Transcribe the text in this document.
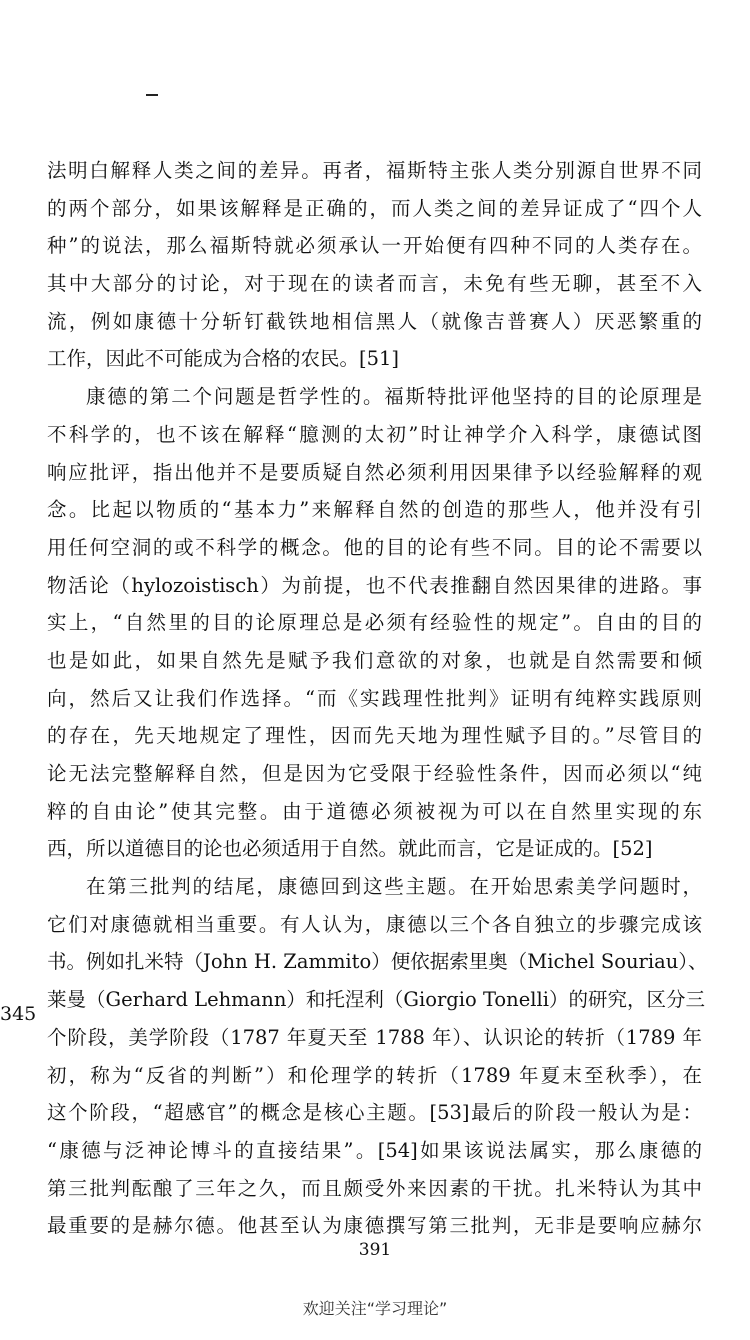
345
法明白解释人类之间的差异。再者，福斯特主张人类分别源自世界不同
的两个部分，如果该解释是正确的，而人类之间的差异证成了“四个人
种”的说法，那么福斯特就必须承认一开始便有四种不同的人类存在。
其中大部分的讨论，对于现在的读者而言，未免有些无聊，甚至不入
流，例如康德十分斩钉截铁地相信黑人（就像吉普赛人）厌恶繁重的
工作，因此不可能成为合格的农民。[51]
康德的第二个问题是哲学性的。福斯特批评他坚持的目的论原理是
不科学的，也不该在解释“臆测的太初”时让神学介入科学，康德试图
响应批评，指出他并不是要质疑自然必须利用因果律予以经验解释的观
念。比起以物质的“基本力”来解释自然的创造的那些人，他并没有引
用任何空洞的或不科学的概念。他的目的论有些不同。目的论不需要以
物活论（hylozoistisch）为前提，也不代表推翻自然因果律的进路。事
实上，“自然里的目的论原理总是必须有经验性的规定”。自由的目的
也是如此，如果自然先是赋予我们意欲的对象，也就是自然需要和倾
向，然后又让我们作选择。“而《实践理性批判》证明有纯粹实践原则
的存在，先天地规定了理性，因而先天地为理性赋予目的。”尽管目的
论无法完整解释自然，但是因为它受限于经验性条件，因而必须以“纯
粹的自由论”使其完整。由于道德必须被视为可以在自然里实现的东
西，所以道德目的论也必须适用于自然。就此而言，它是证成的。[52]
在第三批判的结尾，康德回到这些主题。在开始思索美学问题时，
它们对康德就相当重要。有人认为，康德以三个各自独立的步骤完成该
书。例如扎米特（John H. Zammito）便依据索里奥（Michel Souriau）、
莱曼（Gerhard Lehmann）和托涅利（Giorgio Tonelli）的研究，区分三
个阶段，美学阶段（1787 年夏天至 1788 年）、认识论的转折（1789 年
初，称为“反省的判断”）和伦理学的转折（1789 年夏末至秋季），在
这个阶段，“超感官”的概念是核心主题。[53]最后的阶段一般认为是：
“康德与泛神论博斗的直接结果”。[54]如果该说法属实，那么康德的
第三批判酝酿了三年之久，而且颇受外来因素的干扰。扎米特认为其中
最重要的是赫尔德。他甚至认为康德撰写第三批判，无非是要响应赫尔
391
欢迎关注“学习理论”
